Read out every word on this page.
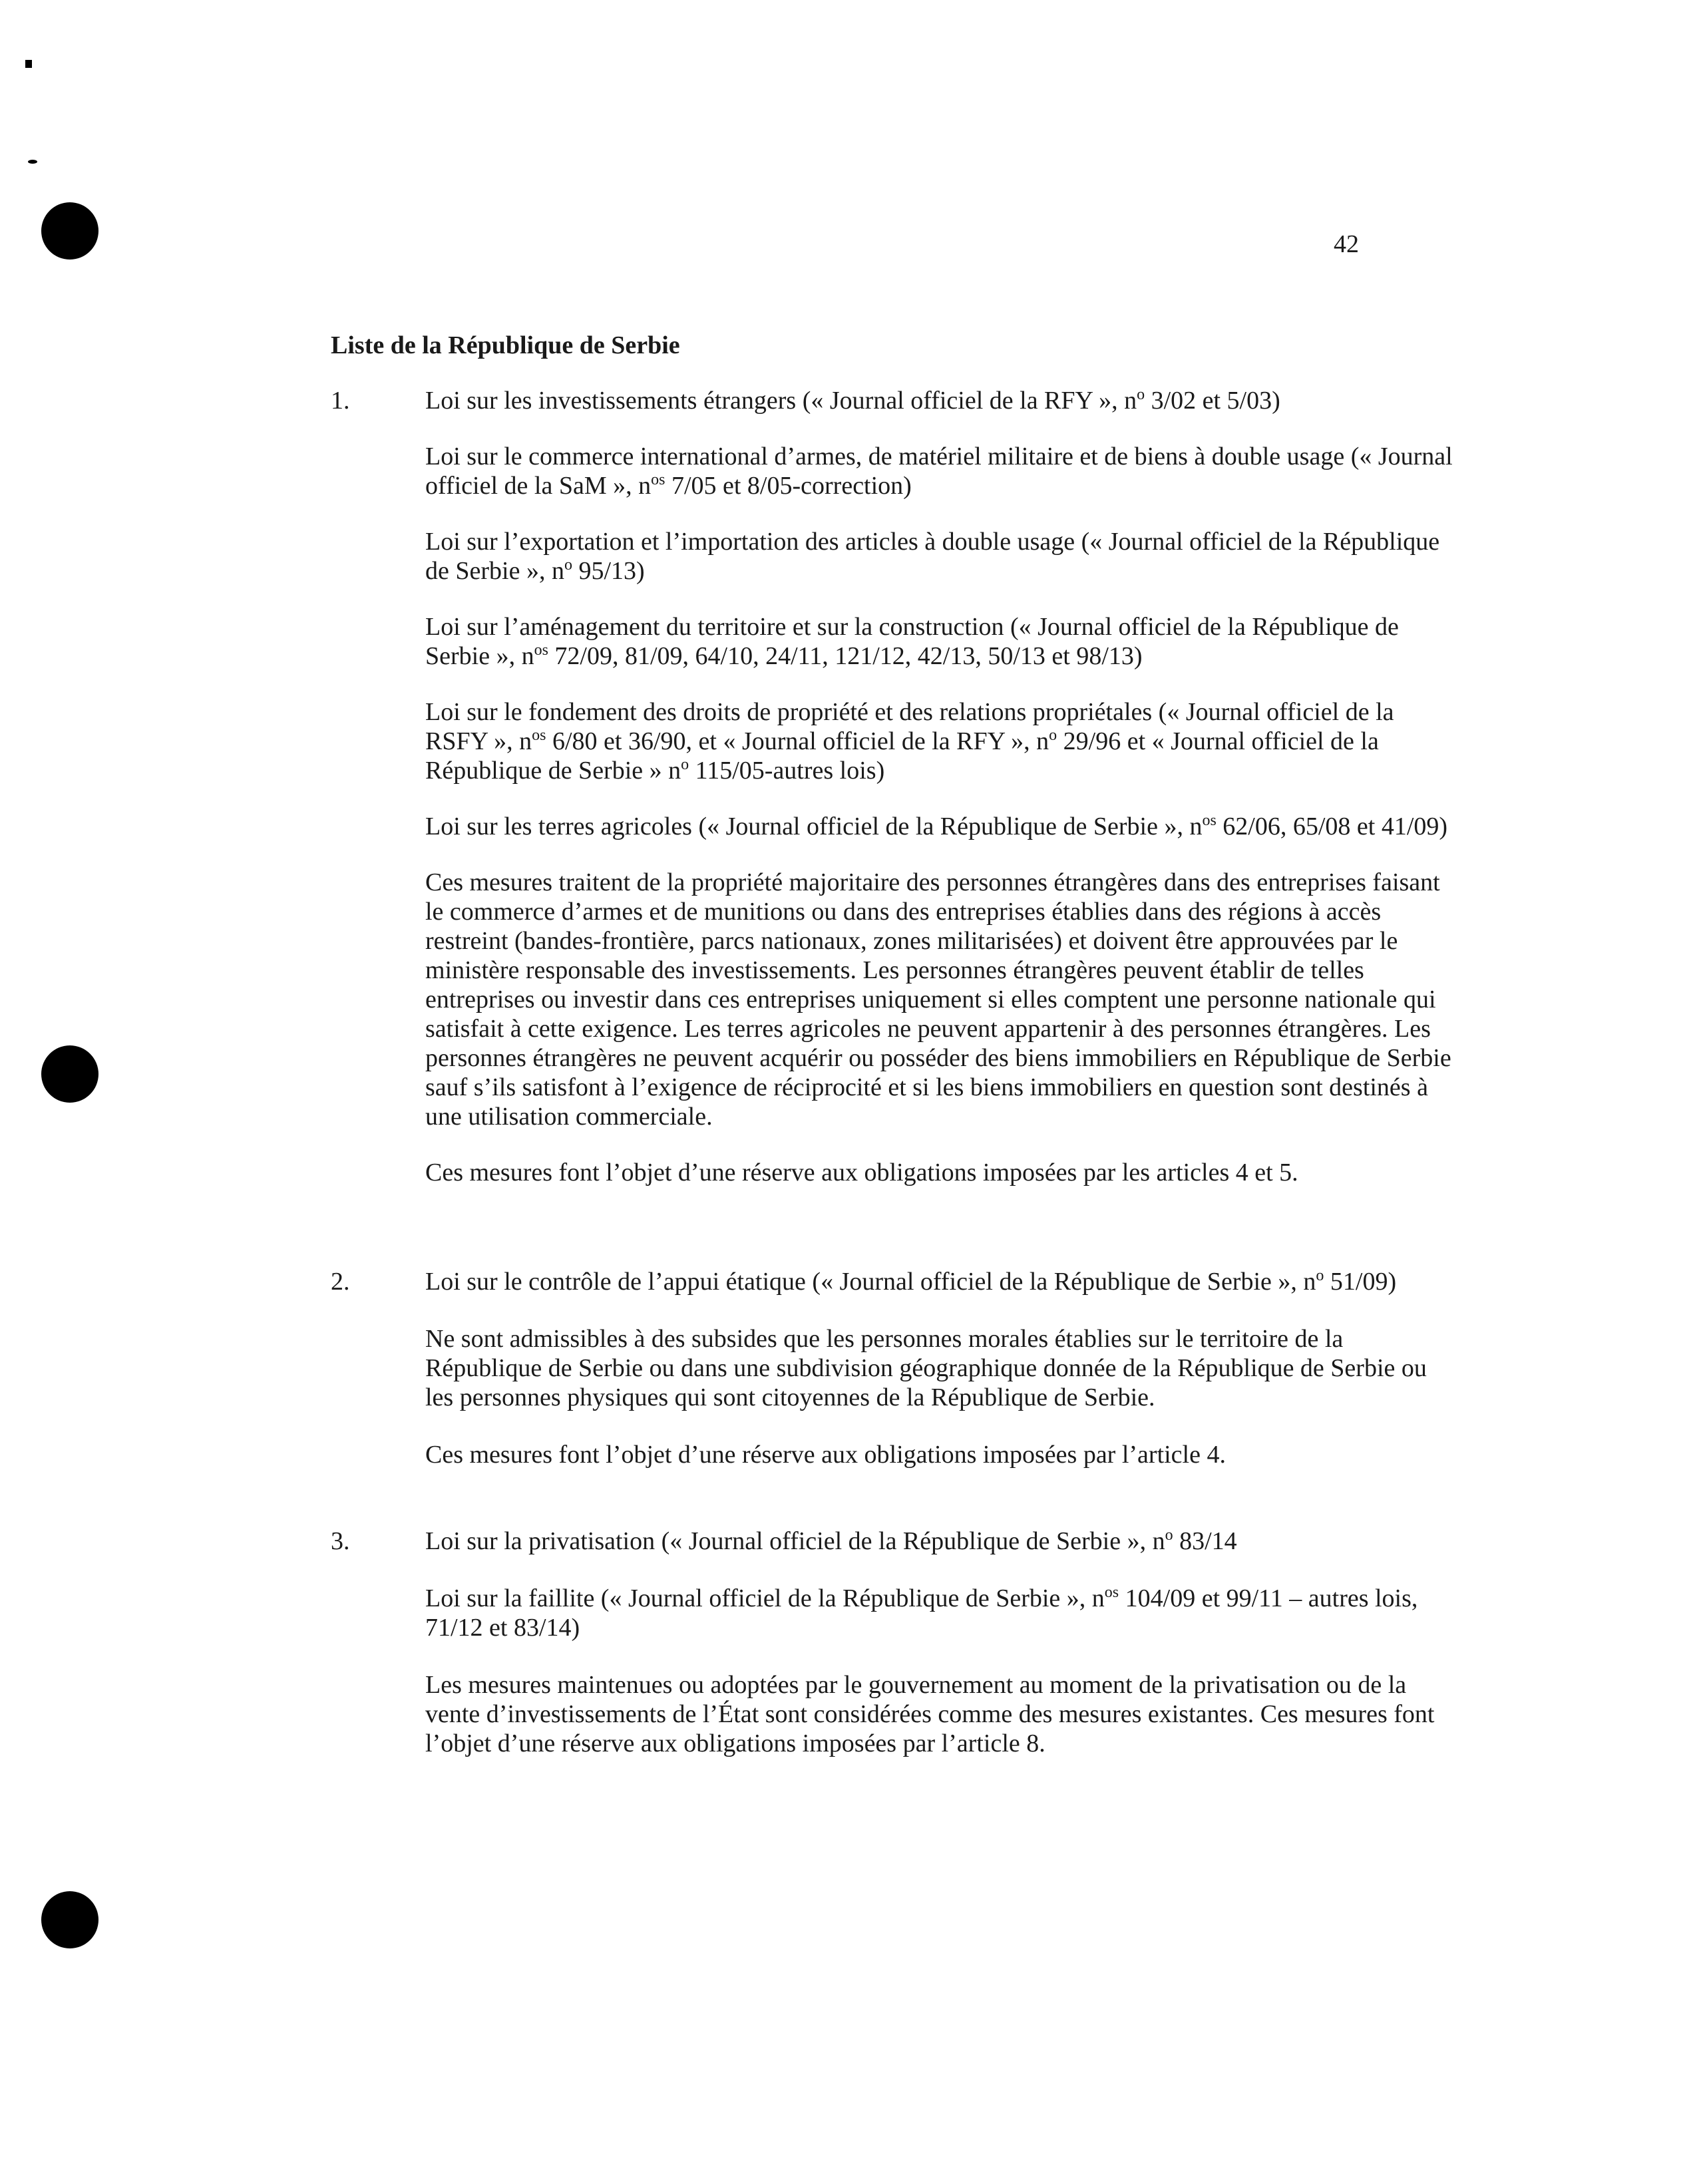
42
Liste de la République de Serbie
1.	Loi sur les investissements étrangers (« Journal officiel de la RFY », $n^o$ 3/02 et 5/03)

Loi sur le commerce international d’armes, de matériel militaire et de biens à double usage (« Journal officiel de la SaM », $n^{os}$ 7/05 et 8/05-correction)

Loi sur l’exportation et l’importation des articles à double usage (« Journal officiel de la République de Serbie », $n^o$ 95/13)

Loi sur l’aménagement du territoire et sur la construction (« Journal officiel de la République de Serbie », $n^{os}$ 72/09, 81/09, 64/10, 24/11, 121/12, 42/13, 50/13 et 98/13)

Loi sur le fondement des droits de propriété et des relations propriétales (« Journal officiel de la RSFY », $n^{os}$ 6/80 et 36/90, et « Journal officiel de la RFY », $n^o$ 29/96 et « Journal officiel de la République de Serbie » $n^o$ 115/05-autres lois)

Loi sur les terres agricoles (« Journal officiel de la République de Serbie », $n^{os}$ 62/06, 65/08 et 41/09)

Ces mesures traitent de la propriété majoritaire des personnes étrangères dans des entreprises faisant le commerce d’armes et de munitions ou dans des entreprises établies dans des régions à accès restreint (bandes-frontière, parcs nationaux, zones militarisées) et doivent être approuvées par le ministère responsable des investissements. Les personnes étrangères peuvent établir de telles entreprises ou investir dans ces entreprises uniquement si elles comptent une personne nationale qui satisfait à cette exigence. Les terres agricoles ne peuvent appartenir à des personnes étrangères. Les personnes étrangères ne peuvent acquérir ou posséder des biens immobiliers en République de Serbie sauf s’ils satisfont à l’exigence de réciprocité et si les biens immobiliers en question sont destinés à une utilisation commerciale.

Ces mesures font l’objet d’une réserve aux obligations imposées par les articles 4 et 5.

2.	Loi sur le contrôle de l’appui étatique (« Journal officiel de la République de Serbie », $n^o$ 51/09)

Ne sont admissibles à des subsides que les personnes morales établies sur le territoire de la République de Serbie ou dans une subdivision géographique donnée de la République de Serbie ou les personnes physiques qui sont citoyennes de la République de Serbie.

Ces mesures font l’objet d’une réserve aux obligations imposées par l’article 4.

3.	Loi sur la privatisation (« Journal officiel de la République de Serbie », $n^o$ 83/14

Loi sur la faillite (« Journal officiel de la République de Serbie », $n^{os}$ 104/09 et 99/11 – autres lois, 71/12 et 83/14)

Les mesures maintenues ou adoptées par le gouvernement au moment de la privatisation ou de la vente d’investissements de l’État sont considérées comme des mesures existantes. Ces mesures font l’objet d’une réserve aux obligations imposées par l’article 8.
